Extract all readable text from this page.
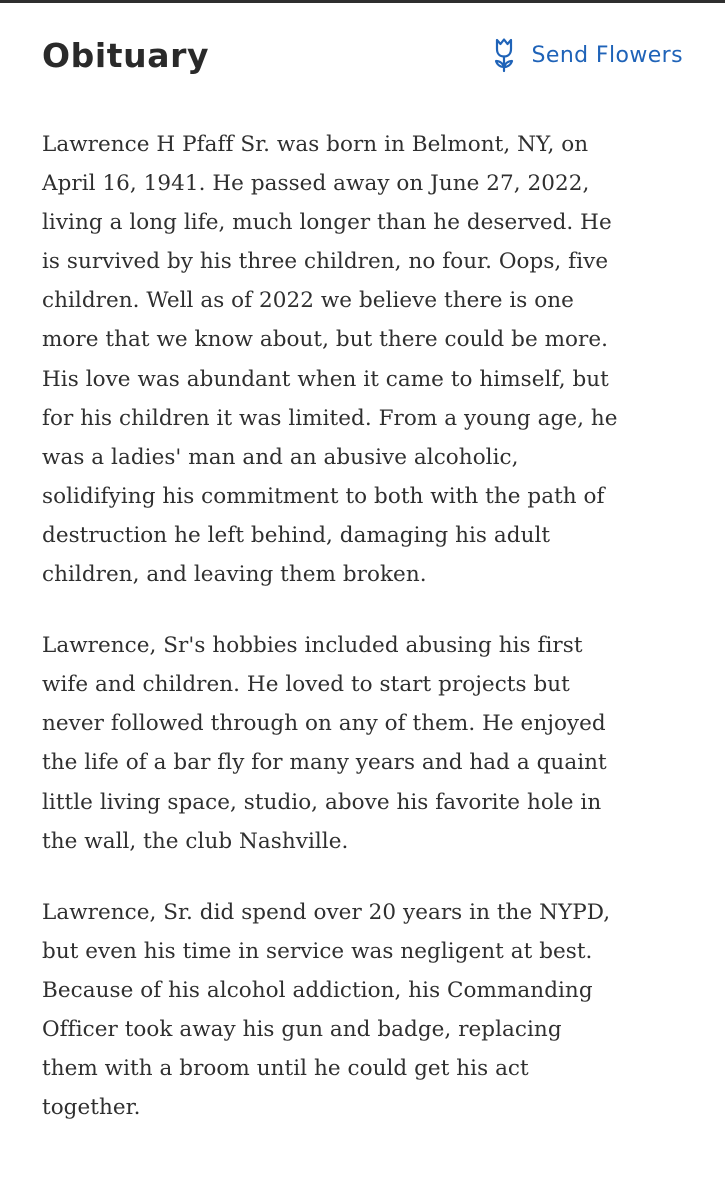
Obituary	Send Flowers

Lawrence H Pfaff Sr. was born in Belmont, NY, on
April 16, 1941. He passed away on June 27, 2022,
living a long life, much longer than he deserved. He
is survived by his three children, no four. Oops, five
children. Well as of 2022 we believe there is one
more that we know about, but there could be more.
His love was abundant when it came to himself, but
for his children it was limited. From a young age, he
was a ladies' man and an abusive alcoholic,
solidifying his commitment to both with the path of
destruction he left behind, damaging his adult
children, and leaving them broken.

Lawrence, Sr's hobbies included abusing his first
wife and children. He loved to start projects but
never followed through on any of them. He enjoyed
the life of a bar fly for many years and had a quaint
little living space, studio, above his favorite hole in
the wall, the club Nashville.

Lawrence, Sr. did spend over 20 years in the NYPD,
but even his time in service was negligent at best.
Because of his alcohol addiction, his Commanding
Officer took away his gun and badge, replacing
them with a broom until he could get his act
together.
